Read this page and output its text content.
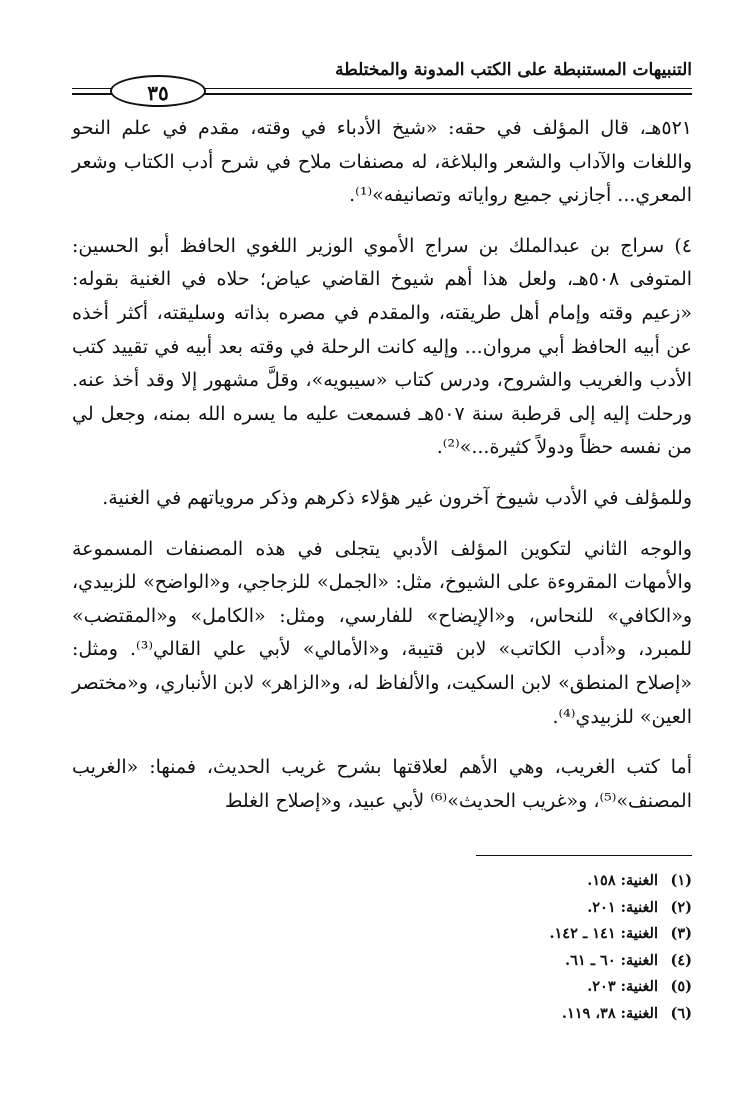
التنبيهات المستنبطة على الكتب المدونة والمختلطة
٣٥

٥٢١هـ، قال المؤلف في حقه: «شيخ الأدباء في وقته، مقدم في علم النحو واللغات والآداب والشعر والبلاغة، له مصنفات ملاح في شرح أدب الكتاب وشعر المعري... أجازني جميع رواياته وتصانيفه»⁽¹⁾.

٤) سراج بن عبدالملك بن سراج الأموي الوزير اللغوي الحافظ أبو الحسين: المتوفى ٥٠٨هـ، ولعل هذا أهم شيوخ القاضي عياض؛ حلاه في الغنية بقوله: «زعيم وقته وإمام أهل طريقته، والمقدم في مصره بذاته وسليقته، أكثر أخذه عن أبيه الحافظ أبي مروان... وإليه كانت الرحلة في وقته بعد أبيه في تقييد كتب الأدب والغريب والشروح، ودرس كتاب «سيبويه»، وقلَّ مشهور إلا وقد أخذ عنه. ورحلت إليه إلى قرطبة سنة ٥٠٧هـ فسمعت عليه ما يسره الله بمنه، وجعل لي من نفسه حظاً ودولاً كثيرة...»⁽²⁾.

وللمؤلف في الأدب شيوخ آخرون غير هؤلاء ذكرهم وذكر مروياتهم في الغنية.

والوجه الثاني لتكوين المؤلف الأدبي يتجلى في هذه المصنفات المسموعة والأمهات المقروءة على الشيوخ، مثل: «الجمل» للزجاجي، و«الواضح» للزبيدي، و«الكافي» للنحاس، و«الإيضاح» للفارسي، ومثل: «الكامل» و«المقتضب» للمبرد، و«أدب الكاتب» لابن قتيبة، و«الأمالي» لأبي علي القالي⁽³⁾. ومثل: «إصلاح المنطق» لابن السكيت، والألفاظ له، و«الزاهر» لابن الأنباري، و«مختصر العين» للزبيدي⁽⁴⁾.

أما كتب الغريب، وهي الأهم لعلاقتها بشرح غريب الحديث، فمنها: «الغريب المصنف»⁽⁵⁾، و«غريب الحديث»⁽⁶⁾ لأبي عبيد، و«إصلاح الغلط

(١)
الغنية: ١٥٨.
(٢)
الغنية: ٢٠١.
(٣)
الغنية: ١٤١ ـ ١٤٢.
(٤)
الغنية: ٦٠ ـ ٦١.
(٥)
الغنية: ٢٠٣.
(٦)
الغنية: ٣٨، ١١٩.
